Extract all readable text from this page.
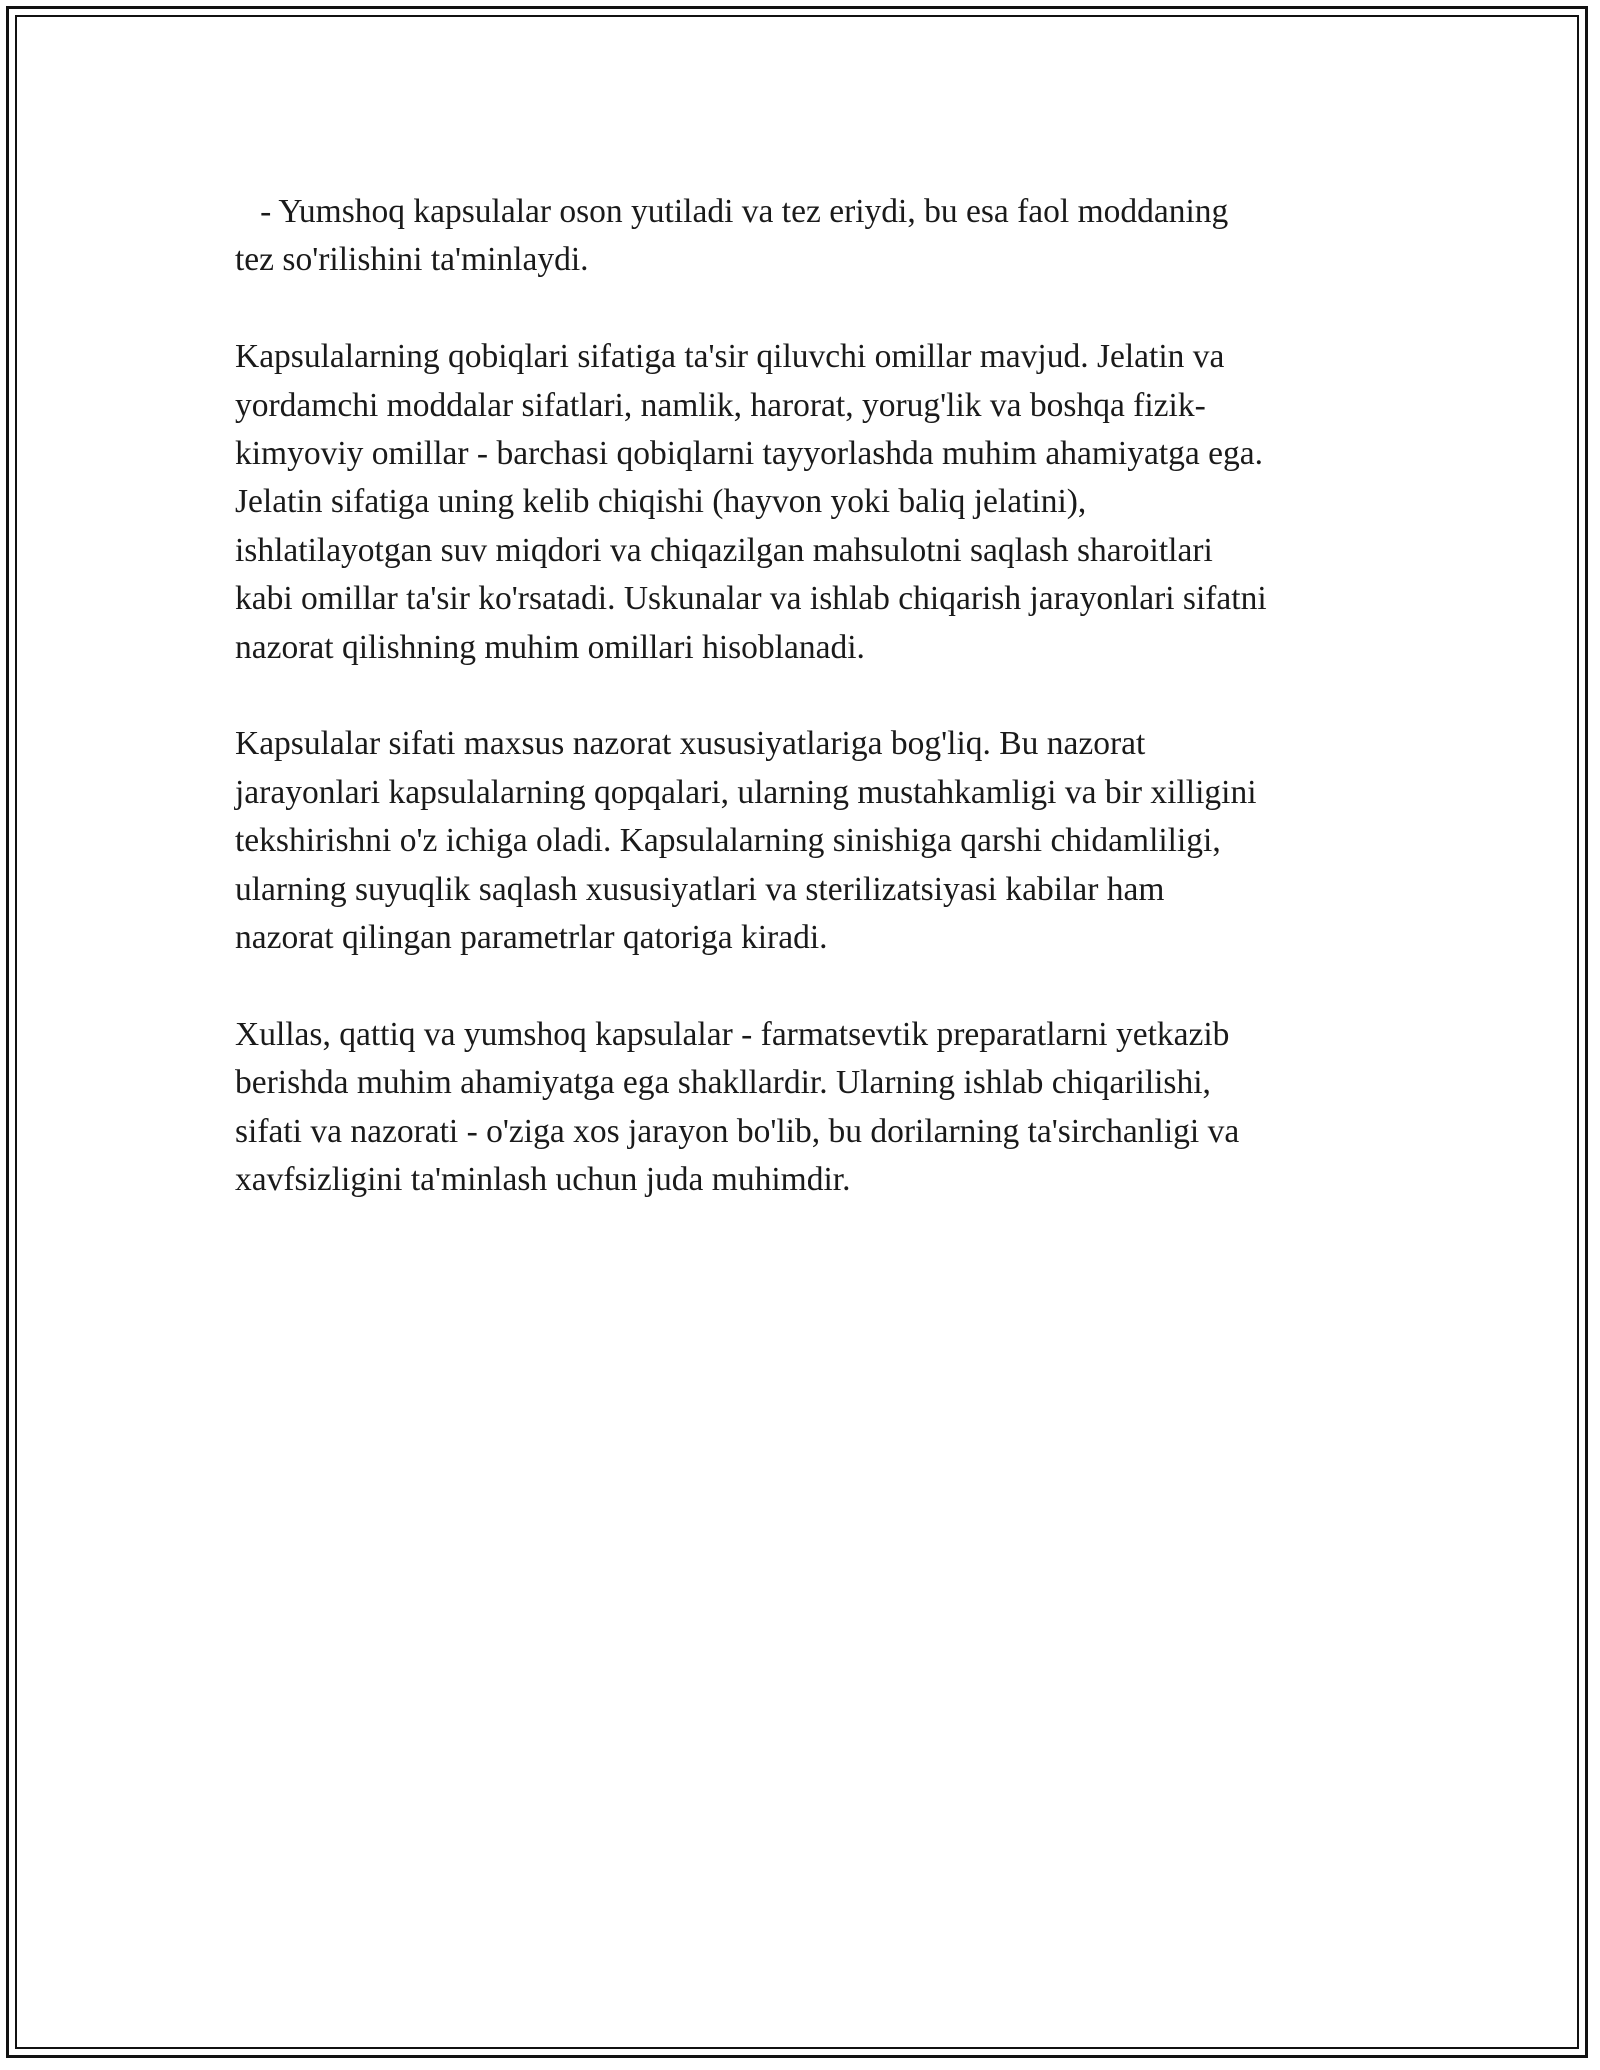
- Yumshoq kapsulalar oson yutiladi va tez eriydi, bu esa faol moddaning
tez so'rilishini ta'minlaydi.

Kapsulalarning qobiqlari sifatiga ta'sir qiluvchi omillar mavjud. Jelatin va
yordamchi moddalar sifatlari, namlik, harorat, yorug'lik va boshqa fizik-
kimyoviy omillar - barchasi qobiqlarni tayyorlashda muhim ahamiyatga ega.
Jelatin sifatiga uning kelib chiqishi (hayvon yoki baliq jelatini),
ishlatilayotgan suv miqdori va chiqazilgan mahsulotni saqlash sharoitlari
kabi omillar ta'sir ko'rsatadi. Uskunalar va ishlab chiqarish jarayonlari sifatni
nazorat qilishning muhim omillari hisoblanadi.

Kapsulalar sifati maxsus nazorat xususiyatlariga bog'liq. Bu nazorat
jarayonlari kapsulalarning qopqalari, ularning mustahkamligi va bir xilligini
tekshirishni o'z ichiga oladi. Kapsulalarning sinishiga qarshi chidamliligi,
ularning suyuqlik saqlash xususiyatlari va sterilizatsiyasi kabilar ham
nazorat qilingan parametrlar qatoriga kiradi.

Xullas, qattiq va yumshoq kapsulalar - farmatsevtik preparatlarni yetkazib
berishda muhim ahamiyatga ega shakllardir. Ularning ishlab chiqarilishi,
sifati va nazorati - o'ziga xos jarayon bo'lib, bu dorilarning ta'sirchanligi va
xavfsizligini ta'minlash uchun juda muhimdir.
